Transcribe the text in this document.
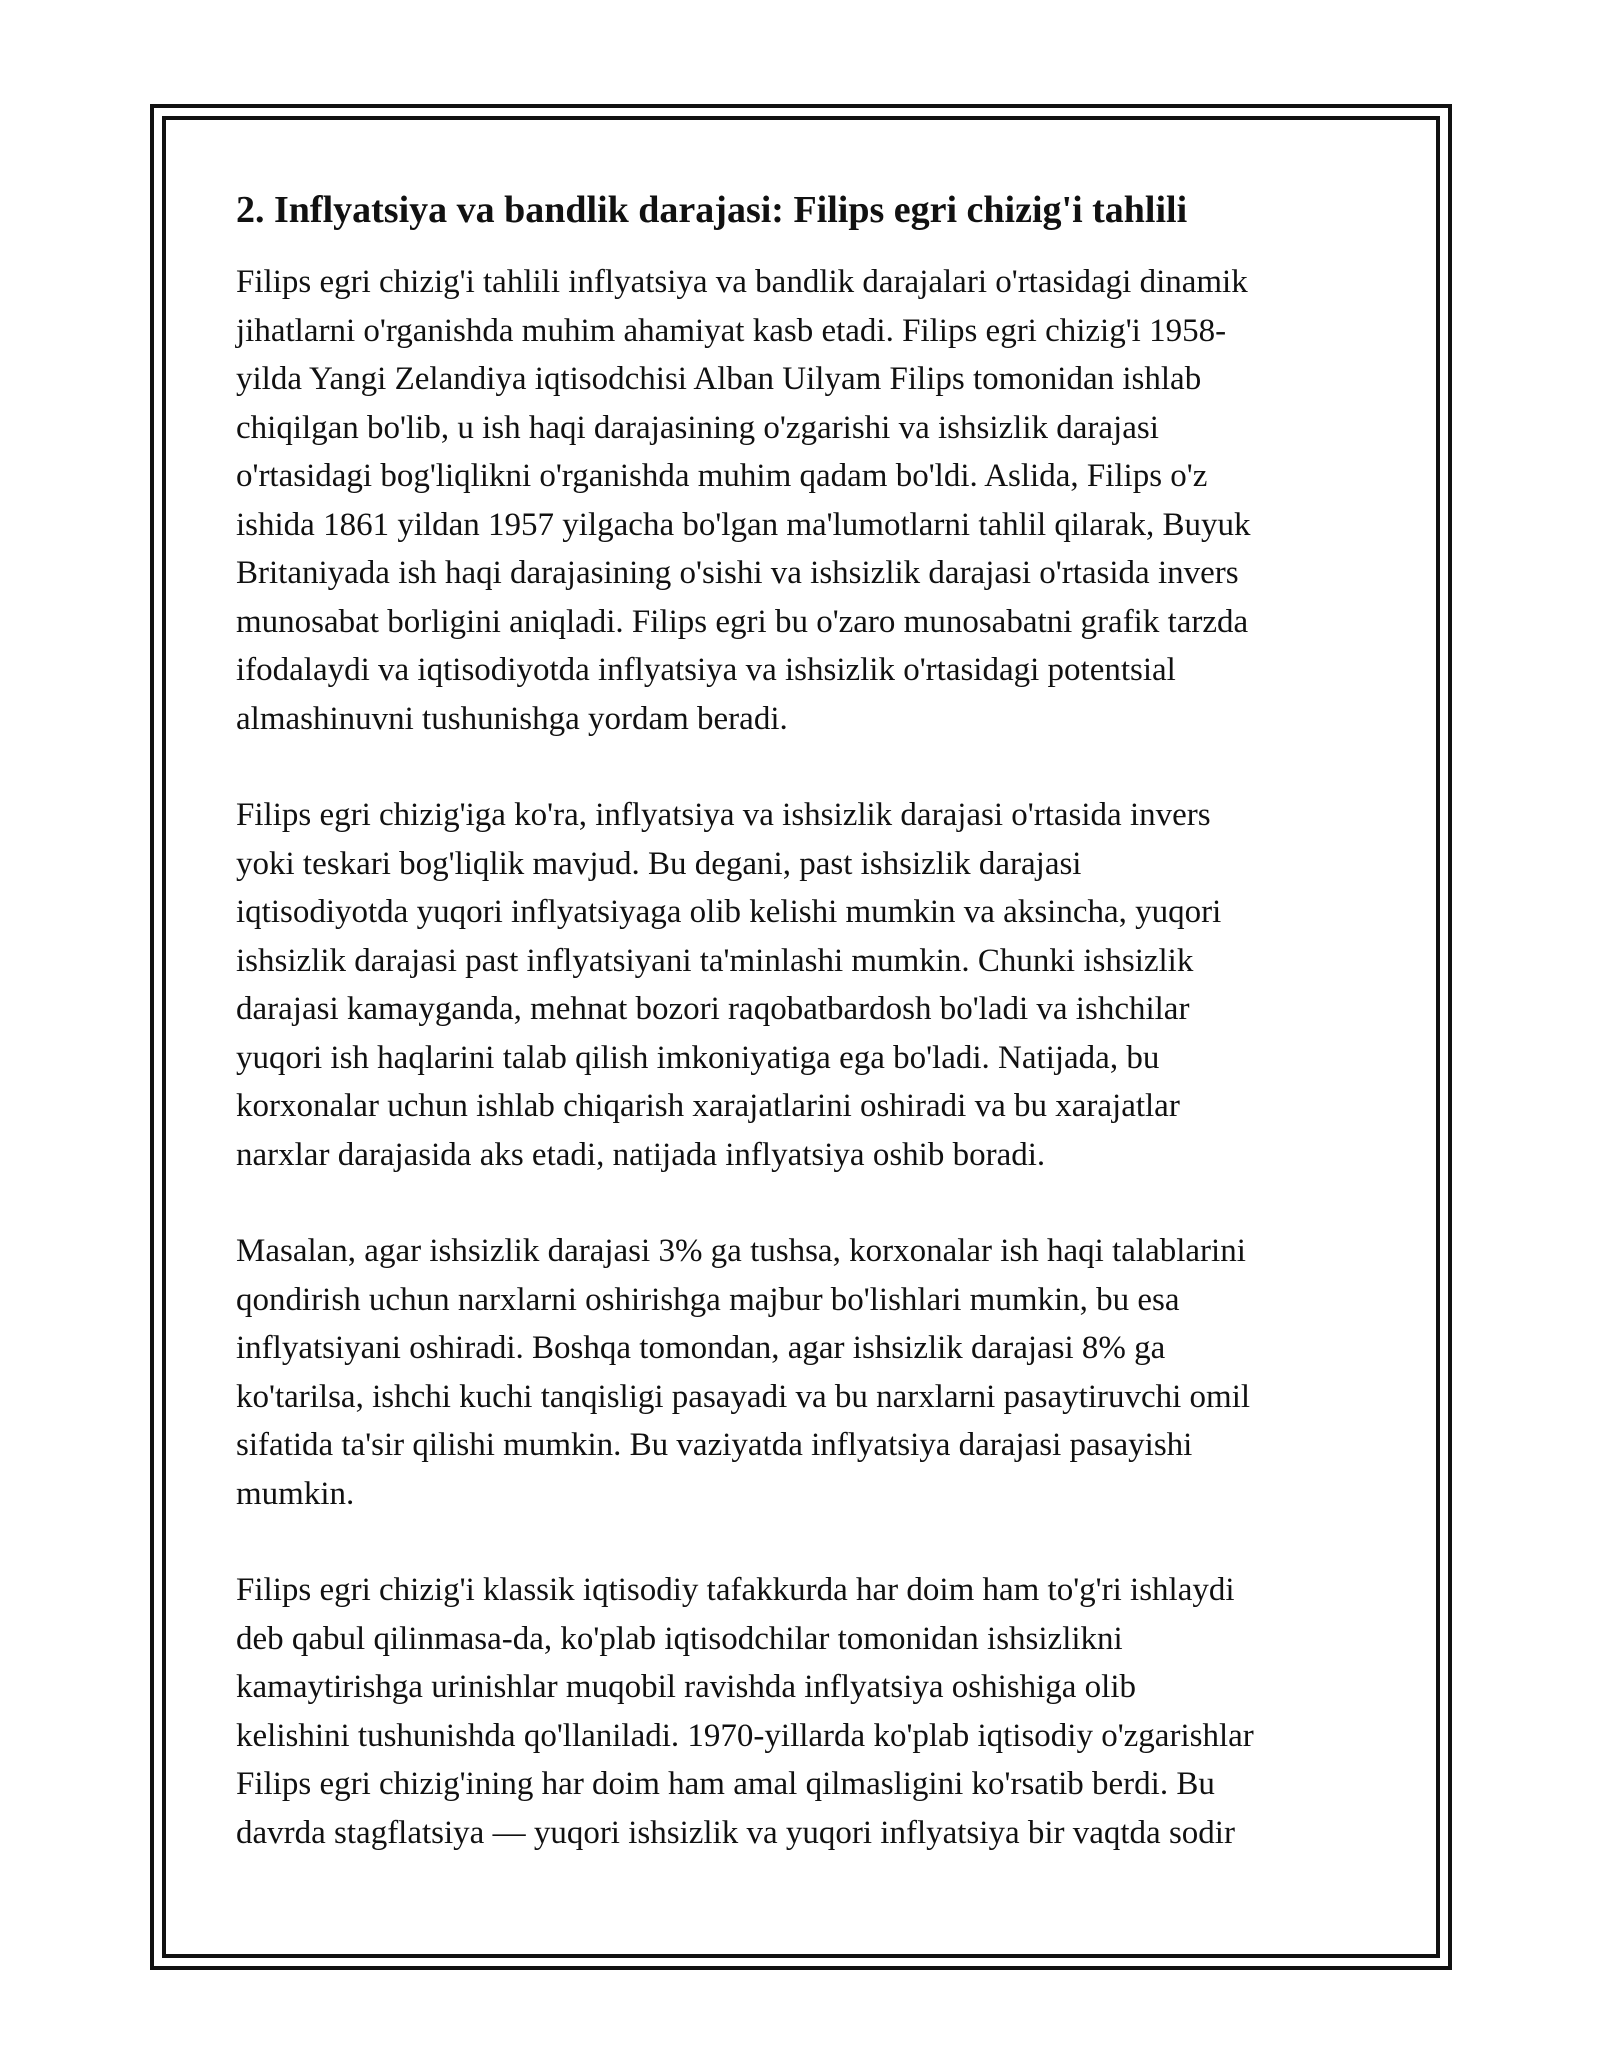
2. Inflyatsiya va bandlik darajasi: Filips egri chizig'i tahlili

Filips egri chizig'i tahlili inflyatsiya va bandlik darajalari o'rtasidagi dinamik
jihatlarni o'rganishda muhim ahamiyat kasb etadi. Filips egri chizig'i 1958-
yilda Yangi Zelandiya iqtisodchisi Alban Uilyam Filips tomonidan ishlab
chiqilgan bo'lib, u ish haqi darajasining o'zgarishi va ishsizlik darajasi
o'rtasidagi bog'liqlikni o'rganishda muhim qadam bo'ldi. Aslida, Filips o'z
ishida 1861 yildan 1957 yilgacha bo'lgan ma'lumotlarni tahlil qilarak, Buyuk
Britaniyada ish haqi darajasining o'sishi va ishsizlik darajasi o'rtasida invers
munosabat borligini aniqladi. Filips egri bu o'zaro munosabatni grafik tarzda
ifodalaydi va iqtisodiyotda inflyatsiya va ishsizlik o'rtasidagi potentsial
almashinuvni tushunishga yordam beradi.

Filips egri chizig'iga ko'ra, inflyatsiya va ishsizlik darajasi o'rtasida invers
yoki teskari bog'liqlik mavjud. Bu degani, past ishsizlik darajasi
iqtisodiyotda yuqori inflyatsiyaga olib kelishi mumkin va aksincha, yuqori
ishsizlik darajasi past inflyatsiyani ta'minlashi mumkin. Chunki ishsizlik
darajasi kamayganda, mehnat bozori raqobatbardosh bo'ladi va ishchilar
yuqori ish haqlarini talab qilish imkoniyatiga ega bo'ladi. Natijada, bu
korxonalar uchun ishlab chiqarish xarajatlarini oshiradi va bu xarajatlar
narxlar darajasida aks etadi, natijada inflyatsiya oshib boradi.

Masalan, agar ishsizlik darajasi 3% ga tushsa, korxonalar ish haqi talablarini
qondirish uchun narxlarni oshirishga majbur bo'lishlari mumkin, bu esa
inflyatsiyani oshiradi. Boshqa tomondan, agar ishsizlik darajasi 8% ga
ko'tarilsa, ishchi kuchi tanqisligi pasayadi va bu narxlarni pasaytiruvchi omil
sifatida ta'sir qilishi mumkin. Bu vaziyatda inflyatsiya darajasi pasayishi
mumkin.

Filips egri chizig'i klassik iqtisodiy tafakkurda har doim ham to'g'ri ishlaydi
deb qabul qilinmasa-da, ko'plab iqtisodchilar tomonidan ishsizlikni
kamaytirishga urinishlar muqobil ravishda inflyatsiya oshishiga olib
kelishini tushunishda qo'llaniladi. 1970-yillarda ko'plab iqtisodiy o'zgarishlar
Filips egri chizig'ining har doim ham amal qilmasligini ko'rsatib berdi. Bu
davrda stagflatsiya — yuqori ishsizlik va yuqori inflyatsiya bir vaqtda sodir
